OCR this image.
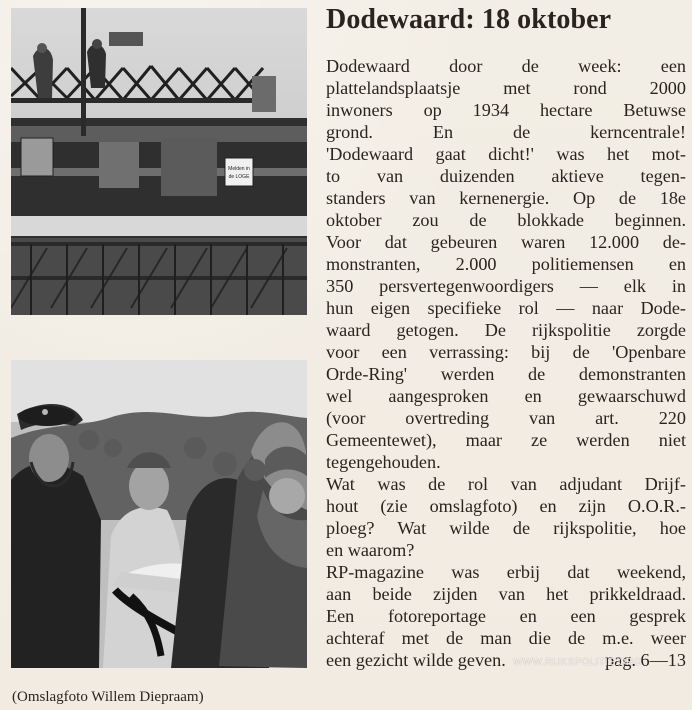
Melden in
de LOGE
(Omslagfoto Willem Diepraam)
Dodewaard: 18 oktober
Dodewaard door de week: een
plattelandsplaatsje met rond 2000
inwoners op 1934 hectare Betuwse
grond. En de kerncentrale!
'Dodewaard gaat dicht!' was het mot-
to van duizenden aktieve tegen-
standers van kernenergie. Op de 18e
oktober zou de blokkade beginnen.
Voor dat gebeuren waren 12.000 de-
monstranten, 2.000 politiemensen en
350 persvertegenwoordigers — elk in
hun eigen specifieke rol — naar Dode-
waard getogen. De rijkspolitie zorgde
voor een verrassing: bij de 'Openbare
Orde-Ring' werden de demonstranten
wel aangesproken en gewaarschuwd
(voor overtreding van art. 220
Gemeentewet), maar ze werden niet
tegengehouden.
Wat was de rol van adjudant Drijf-
hout (zie omslagfoto) en zijn O.O.R.-
ploeg? Wat wilde de rijkspolitie, hoe
en waarom?
RP-magazine was erbij dat weekend,
aan beide zijden van het prikkeldraad.
Een fotoreportage en een gesprek
achteraf met de man die de m.e. weer
een gezicht wilde geven.	pag. 6—13
WWW.RIJKSPOLITIE.ORG
